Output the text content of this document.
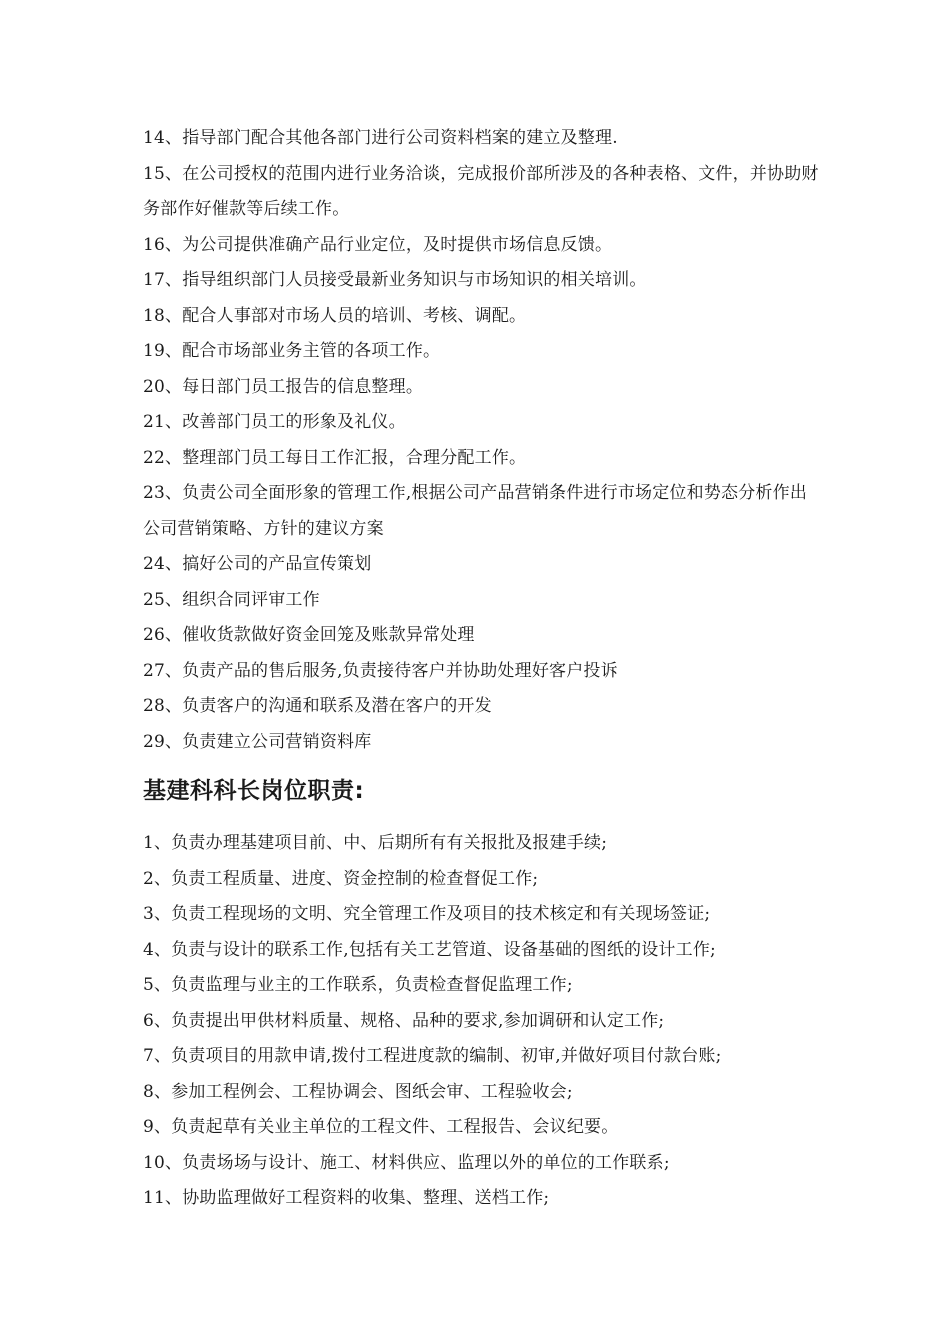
14、指导部门配合其他各部门进行公司资料档案的建立及整理.
15、在公司授权的范围内进行业务洽谈，完成报价部所涉及的各种表格、文件，并协助财务部作好催款等后续工作。
16、为公司提供准确产品行业定位，及时提供市场信息反馈。
17、指导组织部门人员接受最新业务知识与市场知识的相关培训。
18、配合人事部对市场人员的培训、考核、调配。
19、配合市场部业务主管的各项工作。
20、每日部门员工报告的信息整理。
21、改善部门员工的形象及礼仪。
22、整理部门员工每日工作汇报，合理分配工作。
23、负责公司全面形象的管理工作,根据公司产品营销条件进行市场定位和势态分析作出公司营销策略、方针的建议方案
24、搞好公司的产品宣传策划
25、组织合同评审工作
26、催收货款做好资金回笼及账款异常处理
27、负责产品的售后服务,负责接待客户并协助处理好客户投诉
28、负责客户的沟通和联系及潜在客户的开发
29、负责建立公司营销资料库
基建科科长岗位职责:
1、负责办理基建项目前、中、后期所有有关报批及报建手续;
2、负责工程质量、进度、资金控制的检查督促工作;
3、负责工程现场的文明、究全管理工作及项目的技术核定和有关现场签证;
4、负责与设计的联系工作,包括有关工艺管道、设备基础的图纸的设计工作;
5、负责监理与业主的工作联系，负责检查督促监理工作;
6、负责提出甲供材料质量、规格、品种的要求,参加调研和认定工作;
7、负责项目的用款申请,拨付工程进度款的编制、初审,并做好项目付款台账;
8、参加工程例会、工程协调会、图纸会审、工程验收会;
9、负责起草有关业主单位的工程文件、工程报告、会议纪要。
10、负责场场与设计、施工、材料供应、监理以外的单位的工作联系;
11、协助监理做好工程资料的收集、整理、送档工作;
